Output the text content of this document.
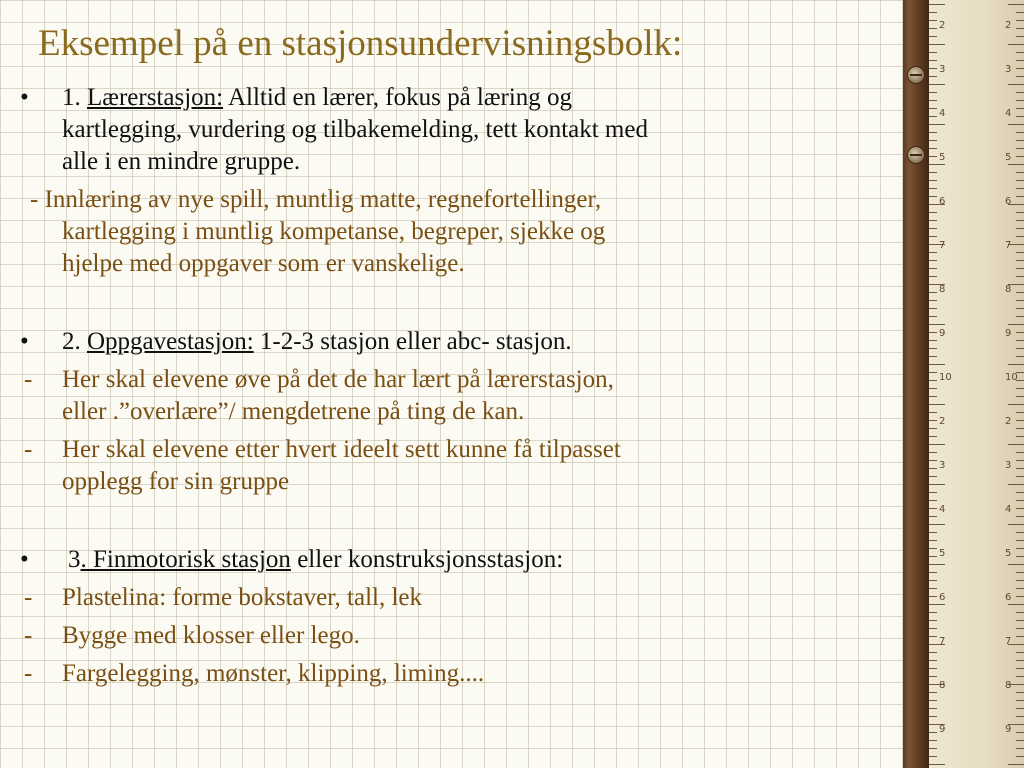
Eksempel på en stasjonsundervisningsbolk:
• 1. Lærerstasjon: Alltid en lærer, fokus på læring og
kartlegging, vurdering og tilbakemelding, tett kontakt med
alle i en mindre gruppe.
- Innlæring av nye spill, muntlig matte, regnefortellinger,
kartlegging i muntlig kompetanse, begreper, sjekke og
hjelpe med oppgaver som er vanskelige.
• 2. Oppgavestasjon: 1-2-3 stasjon eller abc- stasjon.
- Her skal elevene øve på det de har lært på lærerstasjon,
eller .”overlære”/ mengdetrene på ting de kan.
- Her skal elevene etter hvert ideelt sett kunne få tilpasset
opplegg for sin gruppe
• 3. Finmotorisk stasjon eller konstruksjonsstasjon:
- Plastelina: forme bokstaver, tall, lek
- Bygge med klosser eller lego.
- Fargelegging, mønster, klipping, liming....
2	2
3	3
4	4
5	5
6	6
7	7
8	8
9	9
10	10
2	2
3	3
4	4
5	5
6	6
7	7
8	8
9	9
